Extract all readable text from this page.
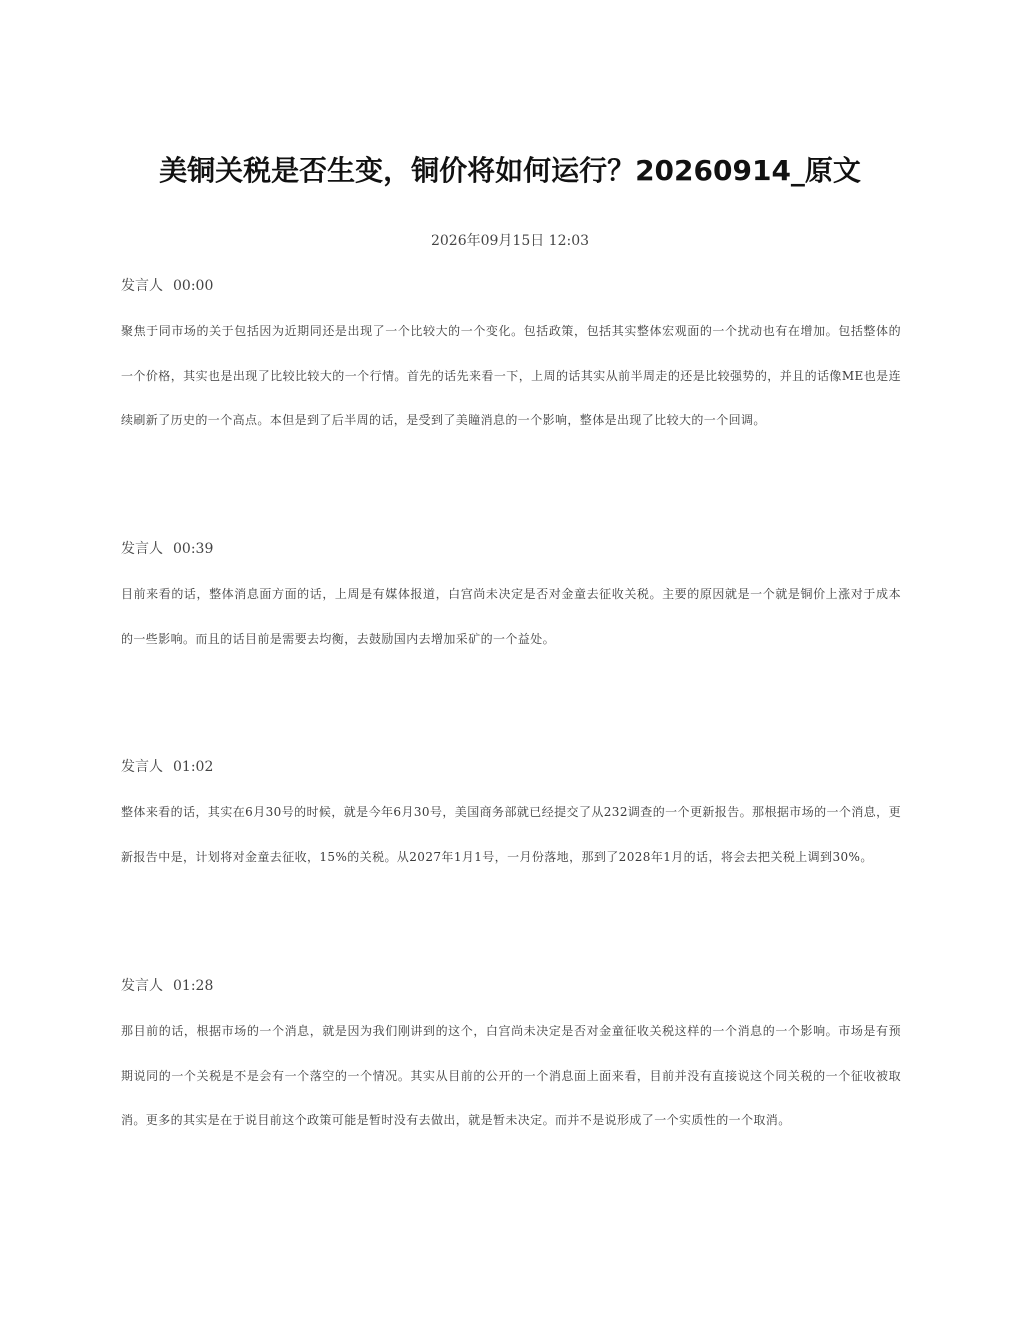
美铜关税是否生变，铜价将如何运行？20260914_原文
2026年09月15日 12:03
发言人 00:00
聚焦于同市场的关于包括因为近期同还是出现了一个比较大的一个变化。包括政策，包括其实整体宏观面的一个扰动也有在增加。包括整体的一个价格，其实也是出现了比较比较大的一个行情。首先的话先来看一下，上周的话其实从前半周走的还是比较强势的，并且的话像ME也是连续刷新了历史的一个高点。本但是到了后半周的话，是受到了美瞳消息的一个影响，整体是出现了比较大的一个回调。
发言人 00:39
目前来看的话，整体消息面方面的话，上周是有媒体报道，白宫尚未决定是否对金童去征收关税。主要的原因就是一个就是铜价上涨对于成本的一些影响。而且的话目前是需要去均衡，去鼓励国内去增加采矿的一个益处。
发言人 01:02
整体来看的话，其实在6月30号的时候，就是今年6月30号，美国商务部就已经提交了从232调查的一个更新报告。那根据市场的一个消息，更新报告中是，计划将对金童去征收，15%的关税。从2027年1月1号，一月份落地，那到了2028年1月的话，将会去把关税上调到30%。
发言人 01:28
那目前的话，根据市场的一个消息，就是因为我们刚讲到的这个，白宫尚未决定是否对金童征收关税这样的一个消息的一个影响。市场是有预期说同的一个关税是不是会有一个落空的一个情况。其实从目前的公开的一个消息面上面来看，目前并没有直接说这个同关税的一个征收被取消。更多的其实是在于说目前这个政策可能是暂时没有去做出，就是暂未决定。而并不是说形成了一个实质性的一个取消。
